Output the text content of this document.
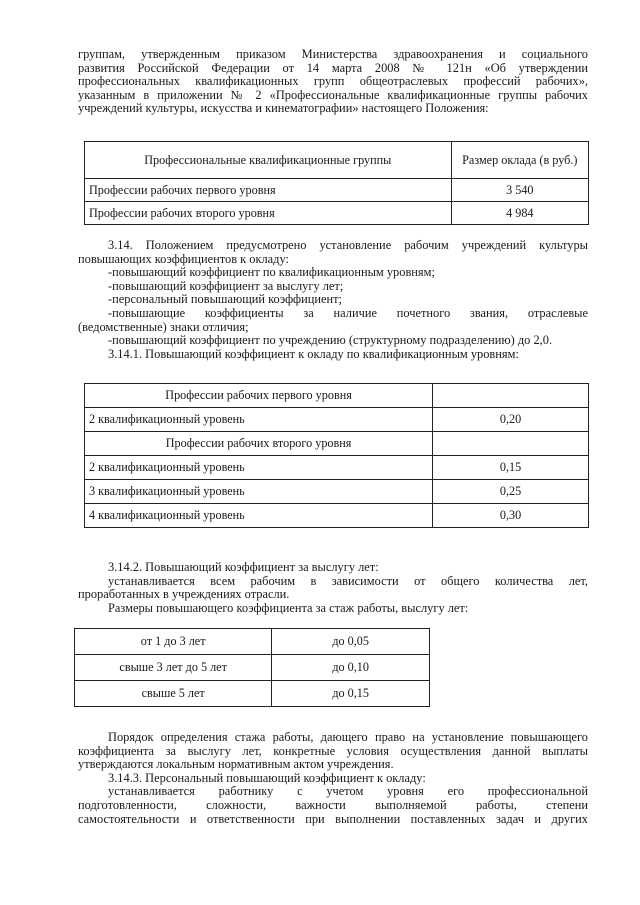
группам, утвержденным приказом Министерства здравоохранения и социального
развития Российской Федерации от 14 марта 2008 № 121н «Об утверждении
профессиональных квалификационных групп общеотраслевых профессий рабочих»,
указанным в приложении № 2 «Профессиональные квалификационные группы рабочих
учреждений культуры, искусства и кинематографии» настоящего Положения:
Профессиональные квалификационные группы	Размер оклада (в руб.)
Профессии рабочих первого уровня	3 540
Профессии рабочих второго уровня	4 984
3.14. Положением предусмотрено установление рабочим учреждений культуры
повышающих коэффициентов к окладу:
-повышающий коэффициент по квалификационным уровням;
-повышающий коэффициент за выслугу лет;
-персональный повышающий коэффициент;
-повышающие коэффициенты за наличие почетного звания, отраслевые
(ведомственные) знаки отличия;
-повышающий коэффициент по учреждению (структурному подразделению) до 2,0.
3.14.1. Повышающий коэффициент к окладу по квалификационным уровням:
Профессии рабочих первого уровня	
2 квалификационный уровень	0,20
Профессии рабочих второго уровня	
2 квалификационный уровень	0,15
3 квалификационный уровень	0,25
4 квалификационный уровень	0,30
3.14.2. Повышающий коэффициент за выслугу лет:
устанавливается всем рабочим в зависимости от общего количества лет,
проработанных в учреждениях отрасли.
Размеры повышающего коэффициента за стаж работы, выслугу лет:
от 1 до 3 лет	до 0,05
свыше 3 лет до 5 лет	до 0,10
свыше 5 лет	до 0,15
Порядок определения стажа работы, дающего право на установление повышающего
коэффициента за выслугу лет, конкретные условия осуществления данной выплаты
утверждаются локальным нормативным актом учреждения.
3.14.3. Персональный повышающий коэффициент к окладу:
устанавливается работнику с учетом уровня его профессиональной
подготовленности, сложности, важности выполняемой работы, степени
самостоятельности и ответственности при выполнении поставленных задач и других
